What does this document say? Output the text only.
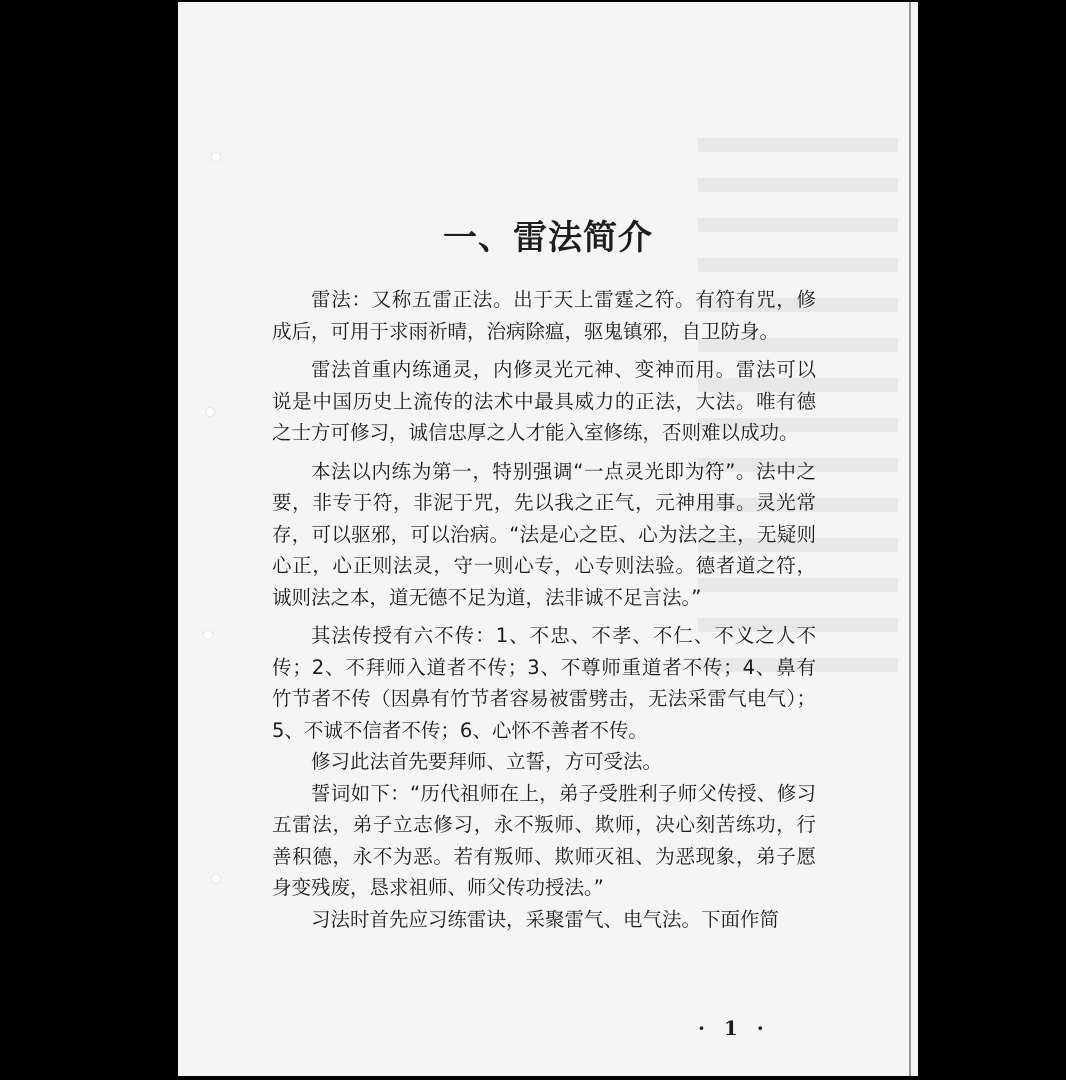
一、雷法简介

雷法：又称五雷正法。出于天上雷霆之符。有符有咒，修成后，可用于求雨祈晴，治病除瘟，驱鬼镇邪，自卫防身。

雷法首重内练通灵，内修灵光元神、变神而用。雷法可以说是中国历史上流传的法术中最具威力的正法，大法。唯有德之士方可修习，诚信忠厚之人才能入室修练，否则难以成功。

本法以内练为第一，特别强调“一点灵光即为符”。法中之要，非专于符，非泥于咒，先以我之正气，元神用事。灵光常存，可以驱邪，可以治病。“法是心之臣、心为法之主，无疑则心正，心正则法灵，守一则心专，心专则法验。德者道之符，诚则法之本，道无德不足为道，法非诚不足言法。”

其法传授有六不传：1、不忠、不孝、不仁、不义之人不传；2、不拜师入道者不传；3、不尊师重道者不传；4、鼻有竹节者不传（因鼻有竹节者容易被雷劈击，无法采雷气电气）；5、不诚不信者不传；6、心怀不善者不传。

修习此法首先要拜师、立誓，方可受法。

誓词如下：“历代祖师在上，弟子受胜利子师父传授、修习五雷法，弟子立志修习，永不叛师、欺师，决心刻苦练功，行善积德，永不为恶。若有叛师、欺师灭祖、为恶现象，弟子愿身变残废，恳求祖师、师父传功授法。”

习法时首先应习练雷诀，采聚雷气、电气法。下面作简

· 1 ·
